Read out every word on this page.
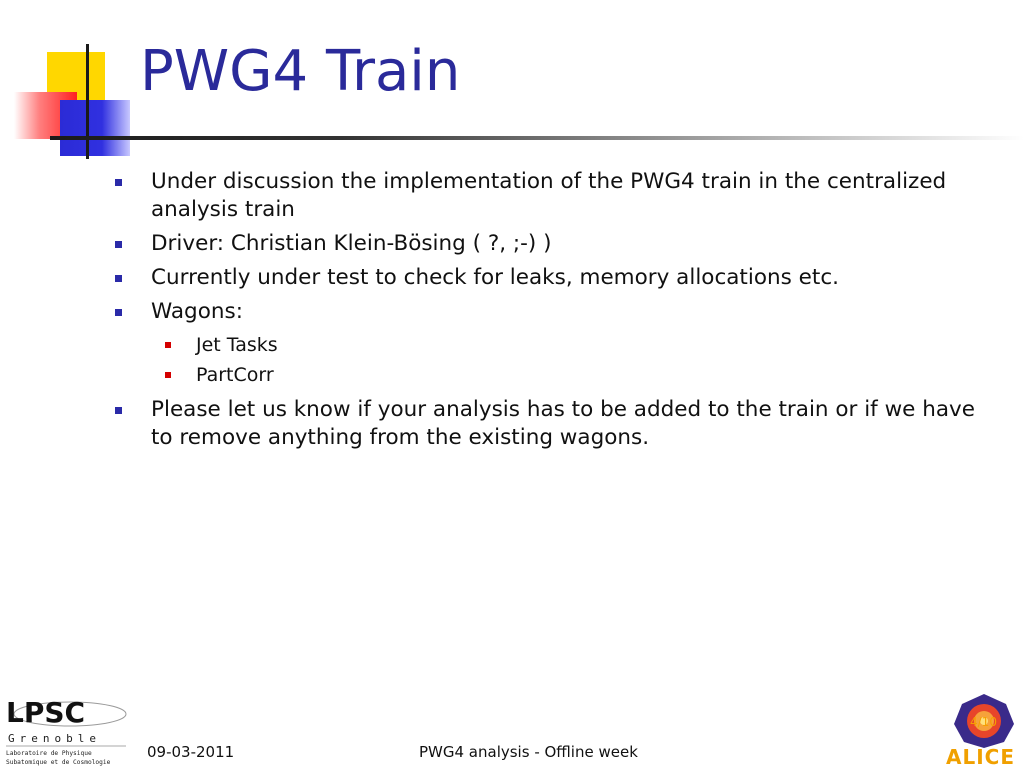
PWG4 Train
Under discussion the implementation of the PWG4 train in the centralized analysis train
Driver: Christian Klein-Bösing ( ?, ;-) )
Currently under test to check for leaks, memory allocations etc.
Wagons:
Jet Tasks
PartCorr
Please let us know if your analysis has to be added to the train or if we have to remove anything from the existing wagons.
LPSC
Grenoble
Laboratoire de Physique
Subatomique et de Cosmologie
09-03-2011	PWG4 analysis - Offline week
4/10
ALICE
